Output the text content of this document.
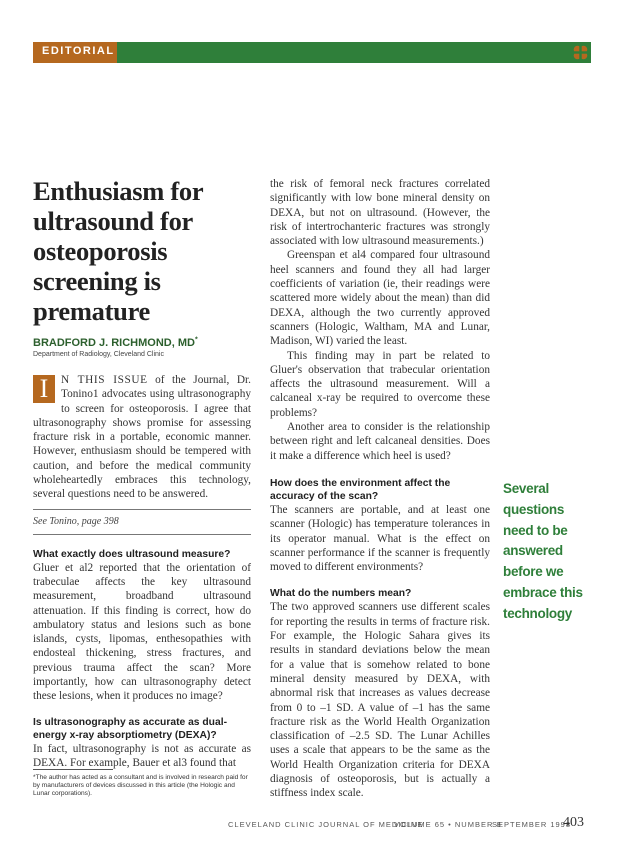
EDITORIAL
Enthusiasm for ultrasound for osteoporosis screening is premature
BRADFORD J. RICHMOND, MD*
Department of Radiology, Cleveland Clinic
I	N THIS ISSUE of the Journal, Dr. Tonino1 advocates using ultrasonography to screen for osteoporosis. I agree that ultrasonography shows promise for assessing fracture risk in a portable, economic manner. However, enthusiasm should be tempered with caution, and before the medical community wholeheartedly embraces this technology, several questions need to be answered.
See Tonino, page 398
What exactly does ultrasound measure?

Gluer et al2 reported that the orientation of trabeculae affects the key ultrasound measurement, broadband ultrasound attenuation. If this finding is correct, how do ambulatory status and lesions such as bone islands, cysts, lipomas, enthesopathies with endosteal thickening, stress fractures, and previous trauma affect the scan? More importantly, how can ultrasonography detect these lesions, when it produces no image?

Is ultrasonography as accurate as dual-energy x-ray absorptiometry (DEXA)?

In fact, ultrasonography is not as accurate as DEXA. For example, Bauer et al3 found that

*The author has acted as a consultant and is involved in research paid for by manufacturers of devices discussed in this article (the Hologic and Lunar corporations).

the risk of femoral neck fractures correlated significantly with low bone mineral density on DEXA, but not on ultrasound. (However, the risk of intertrochanteric fractures was strongly associated with low ultrasound measurements.)

Greenspan et al4 compared four ultrasound heel scanners and found they all had larger coefficients of variation (ie, their readings were scattered more widely about the mean) than did DEXA, although the two currently approved scanners (Hologic, Waltham, MA and Lunar, Madison, WI) varied the least.

This finding may in part be related to Gluer's observation that trabecular orientation affects the ultrasound measurement. Will a calcaneal x-ray be required to overcome these problems?

Another area to consider is the relationship between right and left calcaneal densities. Does it make a difference which heel is used?

How does the environment affect the accuracy of the scan?

The scanners are portable, and at least one scanner (Hologic) has temperature tolerances in its operator manual. What is the effect on scanner performance if the scanner is frequently moved to different environments?

What do the numbers mean?

The two approved scanners use different scales for reporting the results in terms of fracture risk. For example, the Hologic Sahara gives its results in standard deviations below the mean for a value that is somehow related to bone mineral density measured by DEXA, with abnormal risk that increases as values decrease from 0 to –1 SD. A value of –1 has the same fracture risk as the World Health Organization classification of –2.5 SD. The Lunar Achilles uses a scale that appears to be the same as the World Health Organization criteria for DEXA diagnosis of osteoporosis, but is actually a stiffness index scale.

Several questions need to be answered before we embrace this technology
CLEVELAND CLINIC JOURNAL OF MEDICINE
VOLUME 65 • NUMBER 8
SEPTEMBER 1998
403
